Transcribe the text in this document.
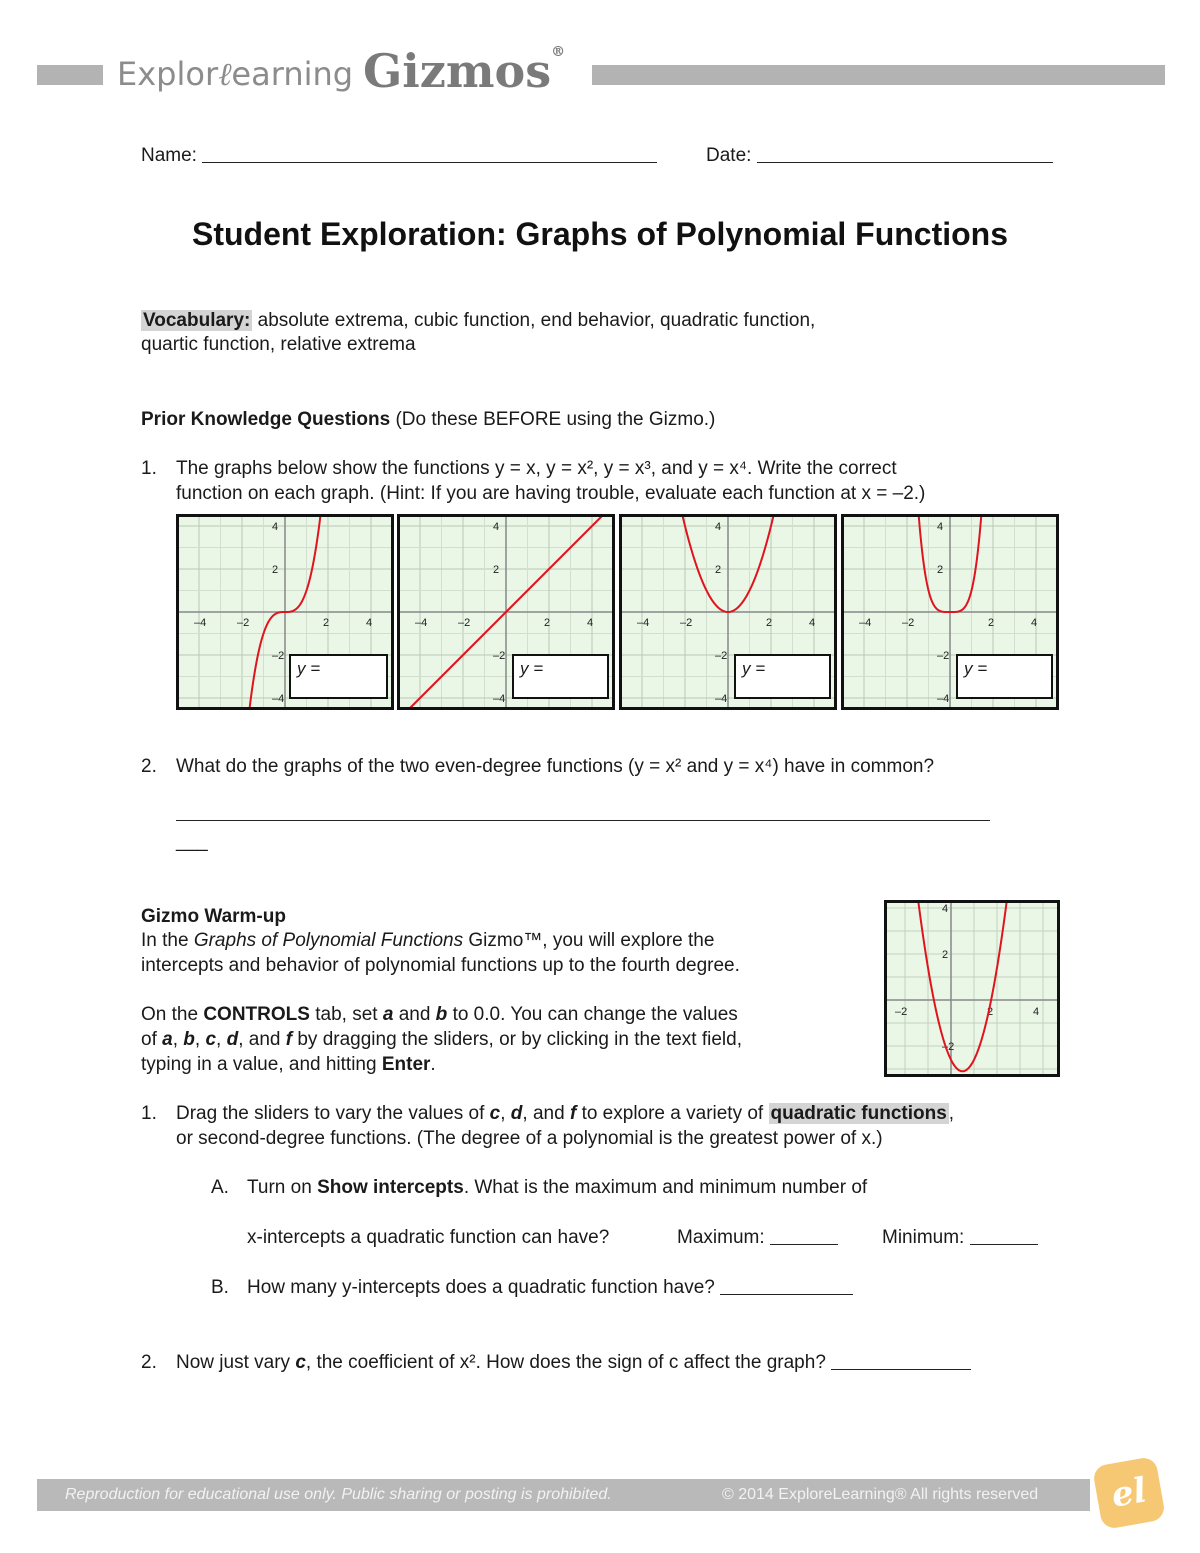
Explorℓearning Gizmos®
Name:	Date:
Student Exploration: Graphs of Polynomial Functions
Vocabulary: absolute extrema, cubic function, end behavior, quadratic function,
quartic function, relative extrema
Prior Knowledge Questions (Do these BEFORE using the Gizmo.)
1. The graphs below show the functions y = x, y = x², y = x³, and y = x⁴. Write the correct
function on each graph. (Hint: If you are having trouble, evaluate each function at x = –2.)
–4	–2	2	4
4
2
–2
–4
y =
–4	–2	2	4
4
2
–2
–4
y =
–4	–2	2	4
4
2
–2
–4
y =
–4	–2	2	4
4
2
–2
–4
y =
2. What do the graphs of the two even-degree functions (y = x² and y = x⁴) have in common?
___
Gizmo Warm-up
In the Graphs of Polynomial Functions Gizmo™, you will explore the
intercepts and behavior of polynomial functions up to the fourth degree.
On the CONTROLS tab, set a and b to 0.0. You can change the values
of a, b, c, d, and f by dragging the sliders, or by clicking in the text field,
typing in a value, and hitting Enter.
–2	2	4
4
2
–2
1. Drag the sliders to vary the values of c, d, and f to explore a variety of quadratic functions ,
or second-degree functions. (The degree of a polynomial is the greatest power of x.)
A. Turn on Show intercepts. What is the maximum and minimum number of
x-intercepts a quadratic function can have?	Maximum:	Minimum:
B. How many y-intercepts does a quadratic function have?
2. Now just vary c, the coefficient of x². How does the sign of c affect the graph?
Reproduction for educational use only. Public sharing or posting is prohibited.	© 2014 ExploreLearning® All rights reserved el
